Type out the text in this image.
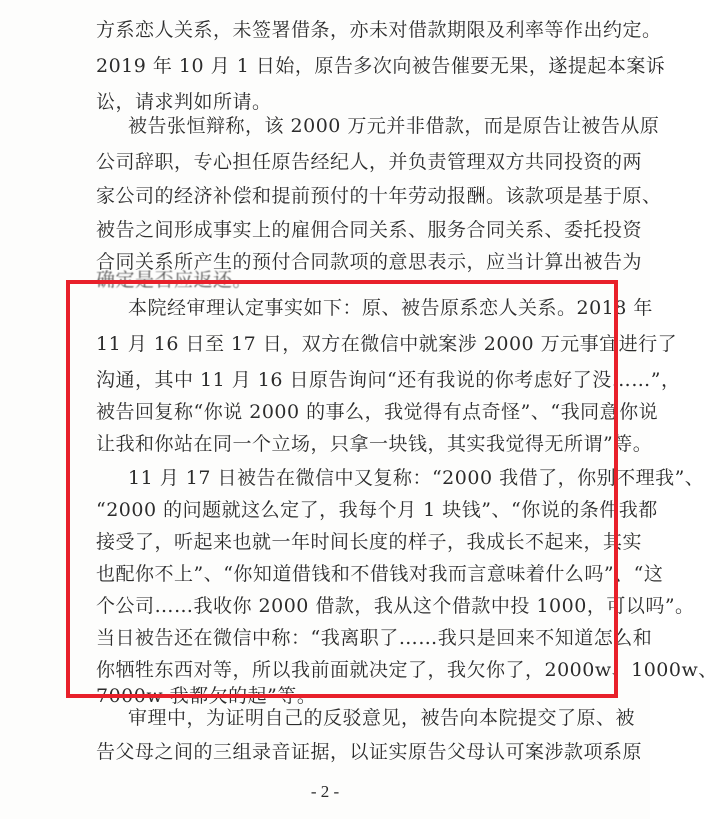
方系恋人关系，未签署借条，亦未对借款期限及利率等作出约定。
2019 年 10 月 1 日始，原告多次向被告催要无果，遂提起本案诉
讼，请求判如所请。
被告张恒辩称，该 2000 万元并非借款，而是原告让被告从原
公司辞职，专心担任原告经纪人，并负责管理双方共同投资的两
家公司的经济补偿和提前预付的十年劳动报酬。该款项是基于原、
被告之间形成事实上的雇佣合同关系、服务合同关系、委托投资
合同关系所产生的预付合同款项的意思表示，应当计算出被告为
确定是否应返还。
本院经审理认定事实如下：原、被告原系恋人关系。2018 年
11 月 16 日至 17 日，双方在微信中就案涉 2000 万元事宜进行了
沟通，其中 11 月 16 日原告询问“还有我说的你考虑好了没……”，
被告回复称“你说 2000 的事么，我觉得有点奇怪”、“我同意你说
让我和你站在同一个立场，只拿一块钱，其实我觉得无所谓”等。
11 月 17 日被告在微信中又复称：“2000 我借了，你别不理我”、
“2000 的问题就这么定了，我每个月 1 块钱”、“你说的条件我都
接受了，听起来也就一年时间长度的样子，我成长不起来，其实
也配你不上”、“你知道借钱和不借钱对我而言意味着什么吗”、“这
个公司……我收你 2000 借款，我从这个借款中投 1000，可以吗”。
当日被告还在微信中称：“我离职了……我只是回来不知道怎么和
你牺牲东西对等，所以我前面就决定了，我欠你了，2000w、1000w、
7000w 我都欠的起”等。
审理中，为证明自己的反驳意见，被告向本院提交了原、被
告父母之间的三组录音证据，以证实原告父母认可案涉款项系原
- 2 -
